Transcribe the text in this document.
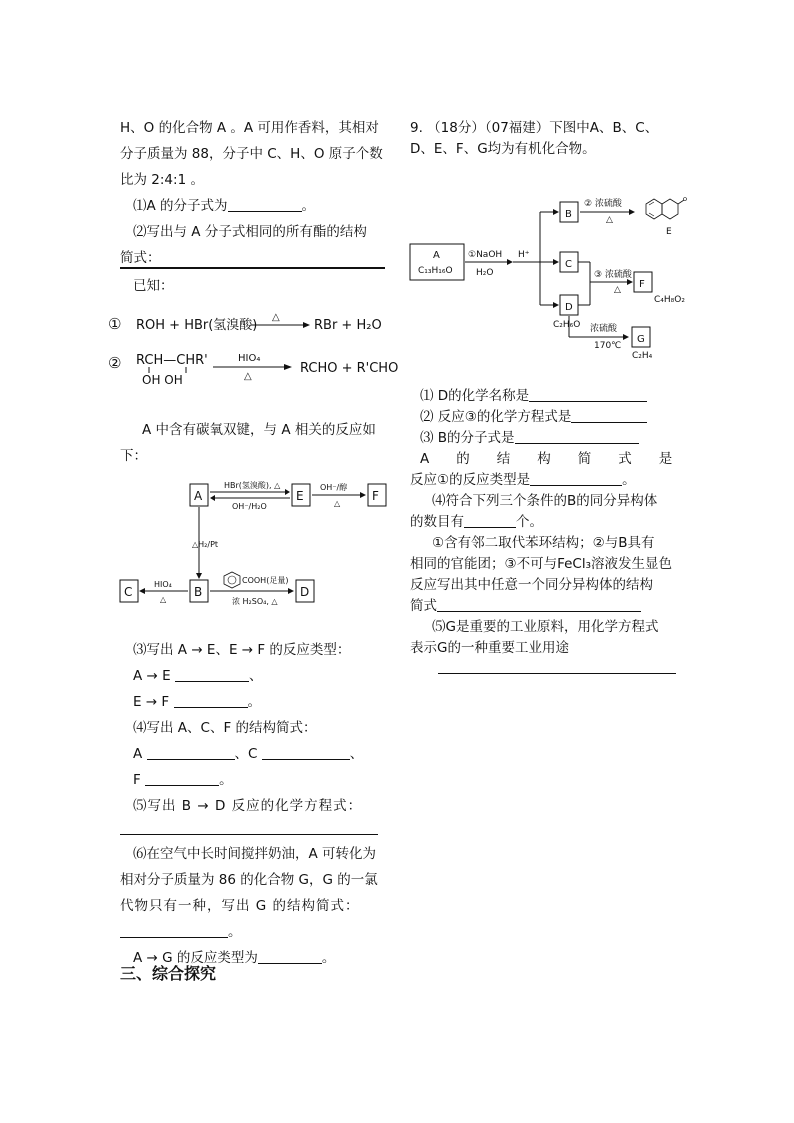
H、O 的化合物 A 。A 可用作香料，其相对
分子质量为 88，分子中 C、H、O 原子个数
比为 2:4:1 。
⑴A 的分子式为	。
⑵写出与 A 分子式相同的所有酯的结构
简式：
已知：
① ROH + HBr(氢溴酸)
△
RBr + H₂O
② RCH—CHR'
OH OH
HIO₄
△
RCHO + R'CHO
A 中含有碳氧双键，与 A 相关的反应如
下：
A
HBr(氢溴酸), △
OH⁻/H₂O
E
OH⁻/醇
△
F
△H₂/Pt
C
HIO₄
△
B
COOH(足量)
浓 H₂SO₄, △
D
⑶写出 A → E、E → F 的反应类型：
A → E	、
E → F	。
⑷写出 A、C、F 的结构简式：
A	、C	、
F	。
⑸写出 B → D 反应的化学方程式：
⑹在空气中长时间搅拌奶油，A 可转化为
相对分子质量为 86 的化合物 G，G 的一氯
代物只有一种，写出 G 的结构简式：
。
A → G 的反应类型为	。
三、综合探究
9. （18分）（07福建）下图中A、B、C、
D、E、F、G均为有机化合物。
A
C₁₃H₁₆O
①NaOH
H₂O
H⁺
B
② 浓硫酸
△
E
C
③ 浓硫酸
△ F
C₄H₈O₂
D
C₂H₆O 浓硫酸
170℃
G
C₂H₄
⑴ D的化学名称是
⑵ 反应③的化学方程式是
⑶ B的分子式是
A　　的　　结　　构　　简　　式　　是
反应①的反应类型是	。
⑷符合下列三个条件的B的同分异构体
的数目有	个。
①含有邻二取代苯环结构；②与B具有
相同的官能团；③不可与FeCl₃溶液发生显色
反应写出其中任意一个同分异构体的结构
简式
⑸G是重要的工业原料，用化学方程式
表示G的一种重要工业用途
